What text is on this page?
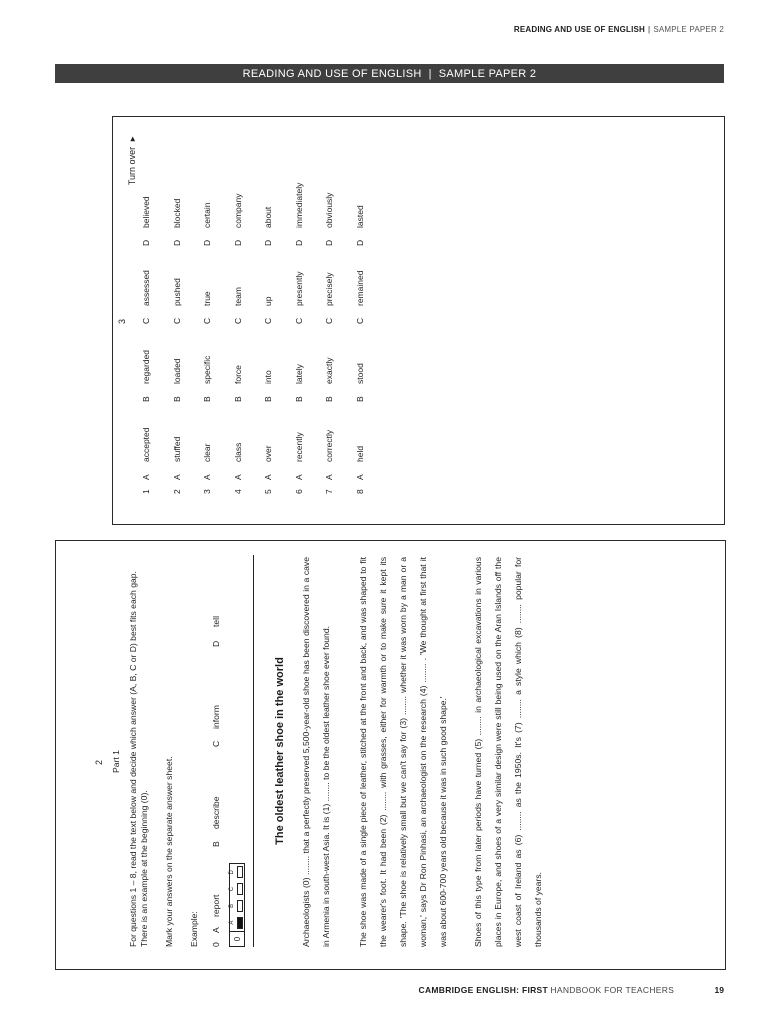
READING AND USE OF ENGLISH | SAMPLE PAPER 2
READING AND USE OF ENGLISH | SAMPLE PAPER 2
3
1	A	accepted	B	regarded	C	assessed	D	believed
2	A	stuffed	B	loaded	C	pushed	D	blocked
3	A	clear	B	specific	C	true	D	certain
4	A	class	B	force	C	team	D	company
5	A	over	B	into	C	up	D	about
6	A	recently	B	lately	C	presently	D	immediately
7	A	correctly	B	exactly	C	precisely	D	obviously
8	A	held	B	stood	C	remained	D	lasted
Turn over►
2 Part 1 For questions 1 – 8, read the text below and decide which answer (A, B, C or D) best fits each gap. There is an example at the beginning (0). Mark your answers on the separate answer sheet. Example: 0
A
report
B
describe
C
inform
D
tell
0
A
B
C
D
The oldest leather shoe in the world	Archaeologists (0) ........ that a perfectly preserved 5,500-year-old shoe has been discovered in a cave in Armenia in south-west Asia. It is (1) ........ to be the oldest leather shoe ever found.	The shoe was made of a single piece of leather, stitched at the front and back, and was shaped to fit the wearer's foot. It had been (2) ........ with grasses, either for warmth or to make sure it kept its shape. 'The shoe is relatively small but we can't say for (3) ........ whether it was worn by a man or a woman,' says Dr Ron Pinhasi, an archaeologist on the research (4) ........ . 'We thought at first that it was about 600-700 years old because it was in such good shape.'	Shoes of this type from later periods have turned (5) ........ in archaeological excavations in various places in Europe, and shoes of a very similar design were still being used on the Aran Islands off the west coast of Ireland as (6) ........ as the 1950s. It's (7) ........ a style which (8) ........ popular for thousands of years.

CAMBRIDGE ENGLISH: FIRST HANDBOOK FOR TEACHERS	19
